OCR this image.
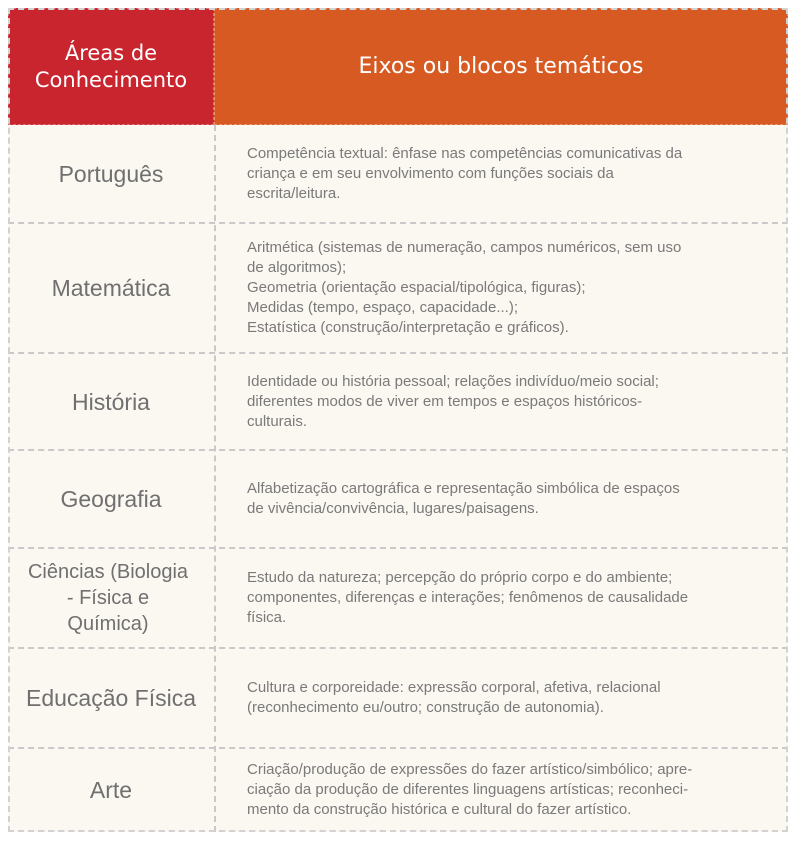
Áreas de Conhecimento
Eixos ou blocos temáticos
Português
Competência textual: ênfase nas competências comunicativas da
criança e em seu envolvimento com funções sociais da
escrita/leitura.
Matemática
Aritmética (sistemas de numeração, campos numéricos, sem uso
de algoritmos);
Geometria (orientação espacial/tipológica, figuras);
Medidas (tempo, espaço, capacidade...);
Estatística (construção/interpretação e gráficos).
História
Identidade ou história pessoal; relações indivíduo/meio social;
diferentes modos de viver em tempos e espaços históricos-
culturais.
Geografia	Alfabetização cartográfica e representação simbólica de espaços
de vivência/convivência, lugares/paisagens.
Ciências (Biologia
- Física e
Química)
Estudo da natureza; percepção do próprio corpo e do ambiente;
componentes, diferenças e interações; fenômenos de causalidade
física.
Educação Física	Cultura e corporeidade: expressão corporal, afetiva, relacional
(reconhecimento eu/outro; construção de autonomia).
Arte
Criação/produção de expressões do fazer artístico/simbólico; apre-
ciação da produção de diferentes linguagens artísticas; reconheci-
mento da construção histórica e cultural do fazer artístico.
